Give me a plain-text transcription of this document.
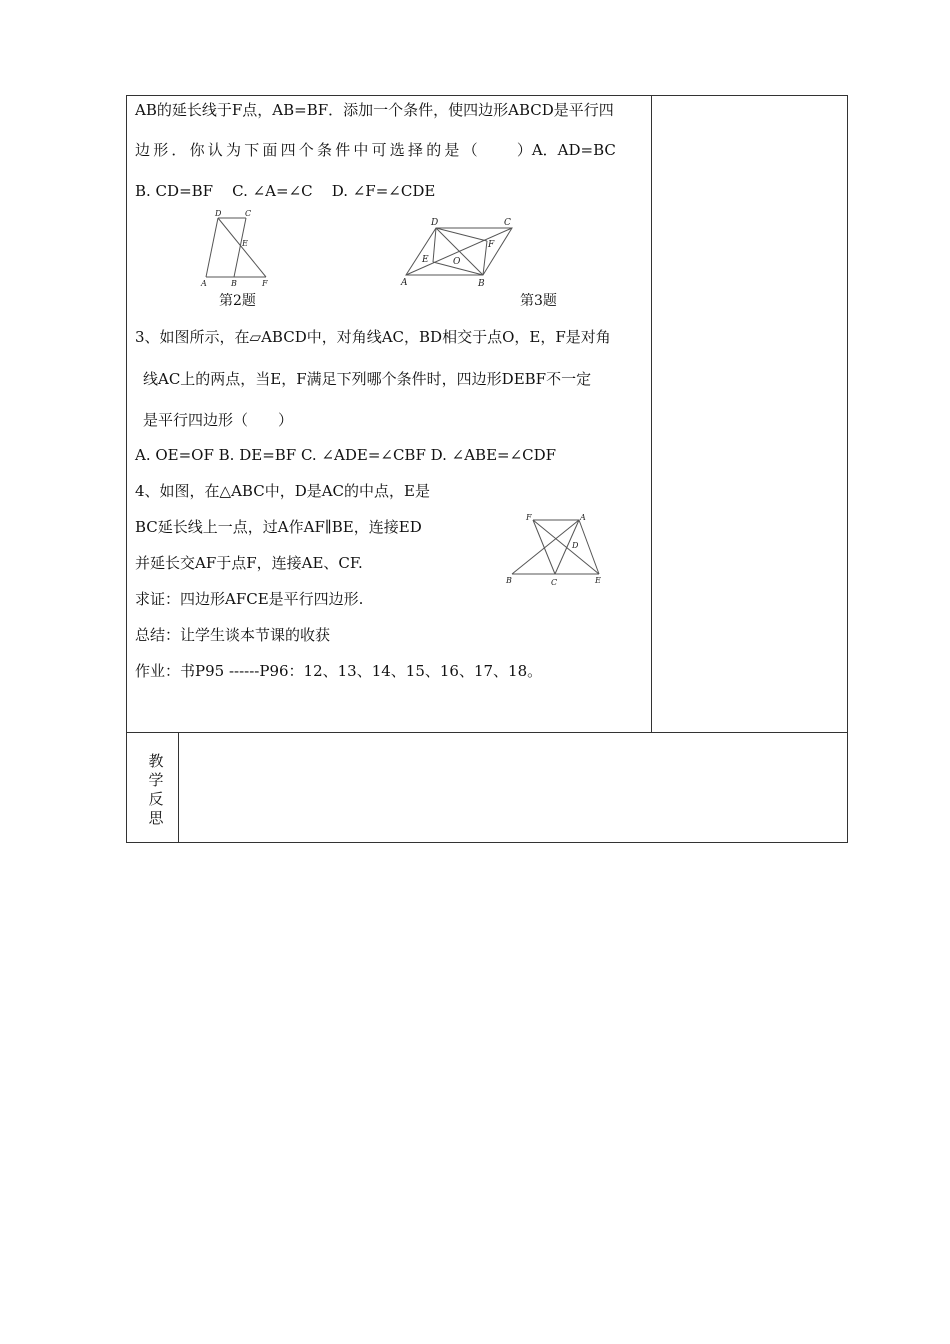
AB的延长线于F点，AB=BF．添加一个条件，使四边形ABCD是平行四
边形．你认为下面四个条件中可选择的是（ ）A．AD=BC
B. CD=BF    C. ∠A=∠C    D. ∠F=∠CDE
D	C
E
A	B	F
第2题
D	C
F
E	O
A	B
第3题
3、如图所示，在▱ABCD中，对角线AC，BD相交于点O，E，F是对角
线AC上的两点，当E，F满足下列哪个条件时，四边形DEBF不一定
是平行四边形（　　）
A. OE=OF B. DE=BF C. ∠ADE=∠CBF D. ∠ABE=∠CDF
4、如图，在△ABC中，D是AC的中点，E是
BC延长线上一点，过A作AF∥BE，连接ED
并延长交AF于点F，连接AE、CF.
求证：四边形AFCE是平行四边形.
F	A
D
B	C	E
总结：让学生谈本节课的收获
作业：书P95 ------P96：12、13、14、15、16、17、18。
教
学
反
思
